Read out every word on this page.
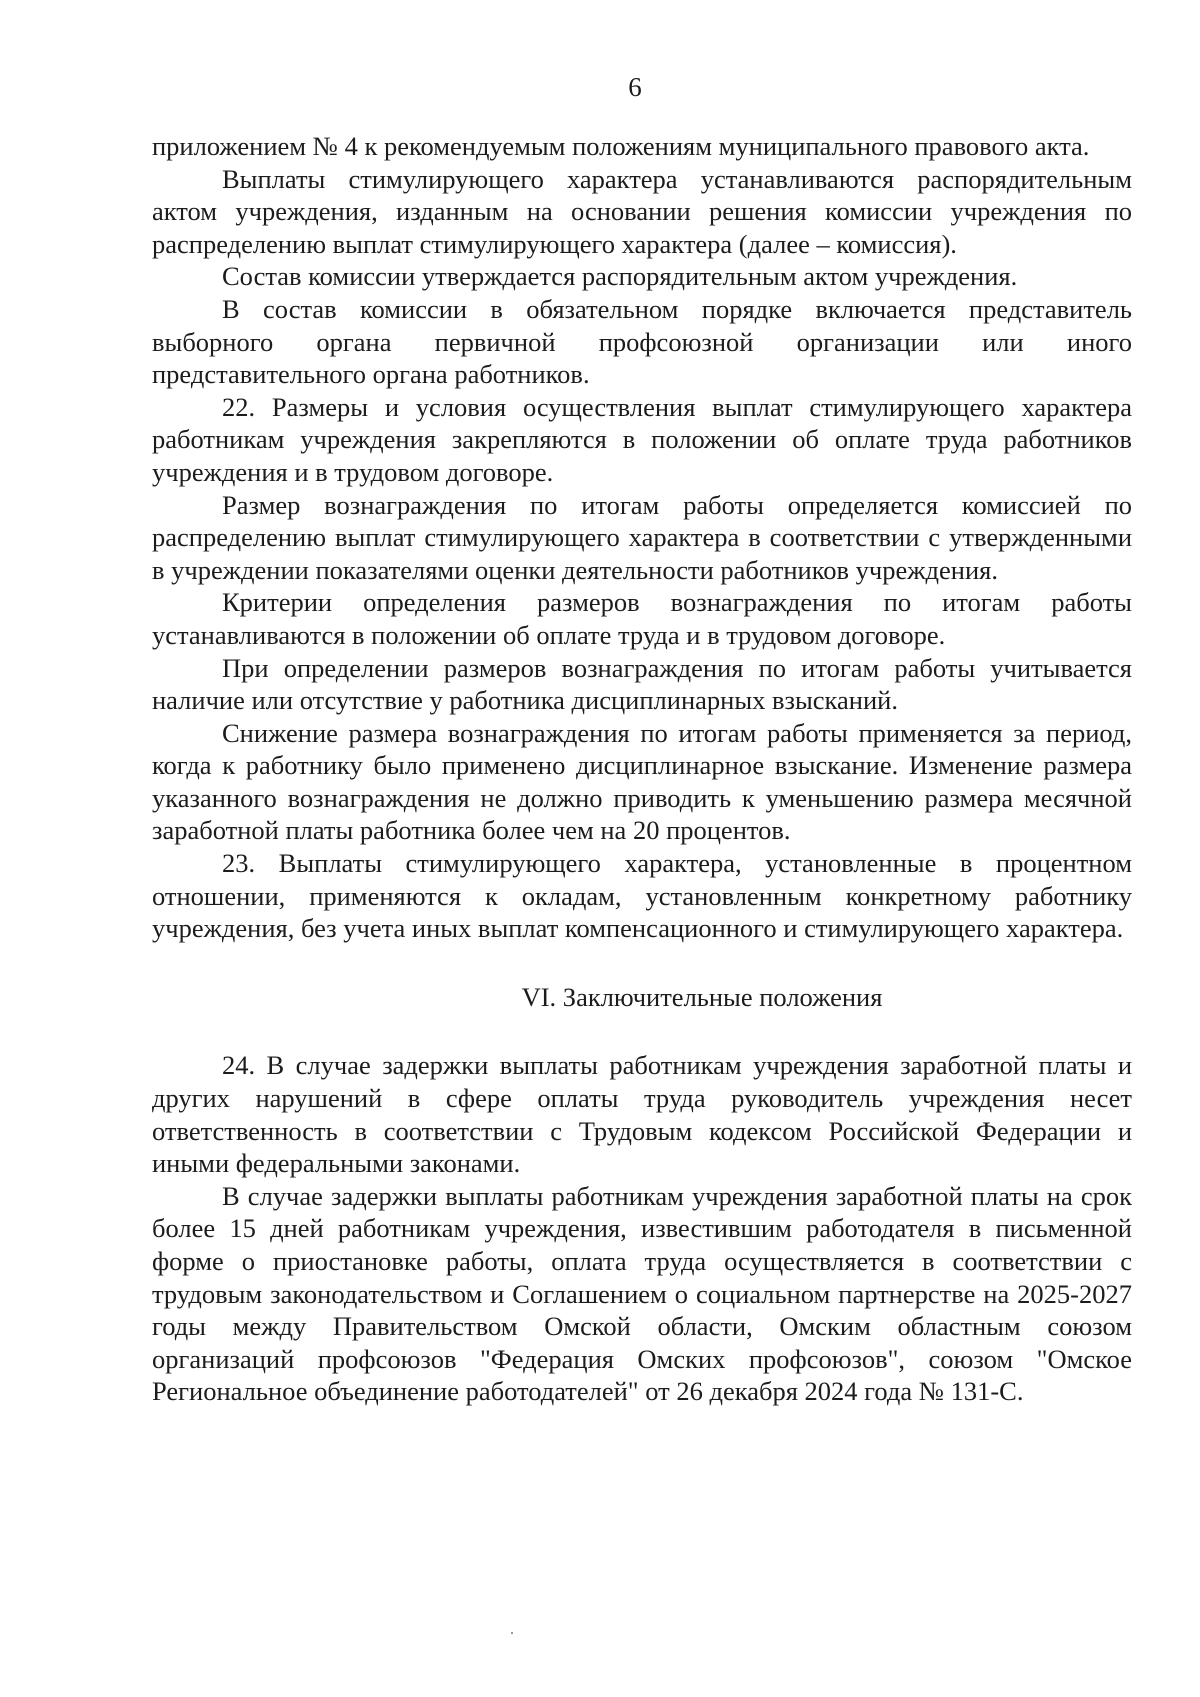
6

приложением № 4 к рекомендуемым положениям муниципального правового акта.

Выплаты стимулирующего характера устанавливаются распорядительным актом учреждения, изданным на основании решения комиссии учреждения по распределению выплат стимулирующего характера (далее – комиссия).

Состав комиссии утверждается распорядительным актом учреждения.

В состав комиссии в обязательном порядке включается представитель выборного органа первичной профсоюзной организации или иного представительного органа работников.

22. Размеры и условия осуществления выплат стимулирующего характера работникам учреждения закрепляются в положении об оплате труда работников учреждения и в трудовом договоре.

Размер вознаграждения по итогам работы определяется комиссией по распределению выплат стимулирующего характера в соответствии с утвержденными в учреждении показателями оценки деятельности работников учреждения.

Критерии определения размеров вознаграждения по итогам работы устанавливаются в положении об оплате труда и в трудовом договоре.

При определении размеров вознаграждения по итогам работы учитывается наличие или отсутствие у работника дисциплинарных взысканий.

Снижение размера вознаграждения по итогам работы применяется за период, когда к работнику было применено дисциплинарное взыскание. Изменение размера указанного вознаграждения не должно приводить к уменьшению размера месячной заработной платы работника более чем на 20 процентов.

23. Выплаты стимулирующего характера, установленные в процентном отношении, применяются к окладам, установленным конкретному работнику учреждения, без учета иных выплат компенсационного и стимулирующего характера.

VI. Заключительные положения

24. В случае задержки выплаты работникам учреждения заработной платы и других нарушений в сфере оплаты труда руководитель учреждения несет ответственность в соответствии с Трудовым кодексом Российской Федерации и иными федеральными законами.

В случае задержки выплаты работникам учреждения заработной платы на срок более 15 дней работникам учреждения, известившим работодателя в письменной форме о приостановке работы, оплата труда осуществляется в соответствии с трудовым законодательством и Соглашением о социальном партнерстве на 2025-2027 годы между Правительством Омской области, Омским областным союзом организаций профсоюзов "Федерация Омских профсоюзов", союзом "Омское Региональное объединение работодателей" от 26 декабря 2024 года № 131-С.
